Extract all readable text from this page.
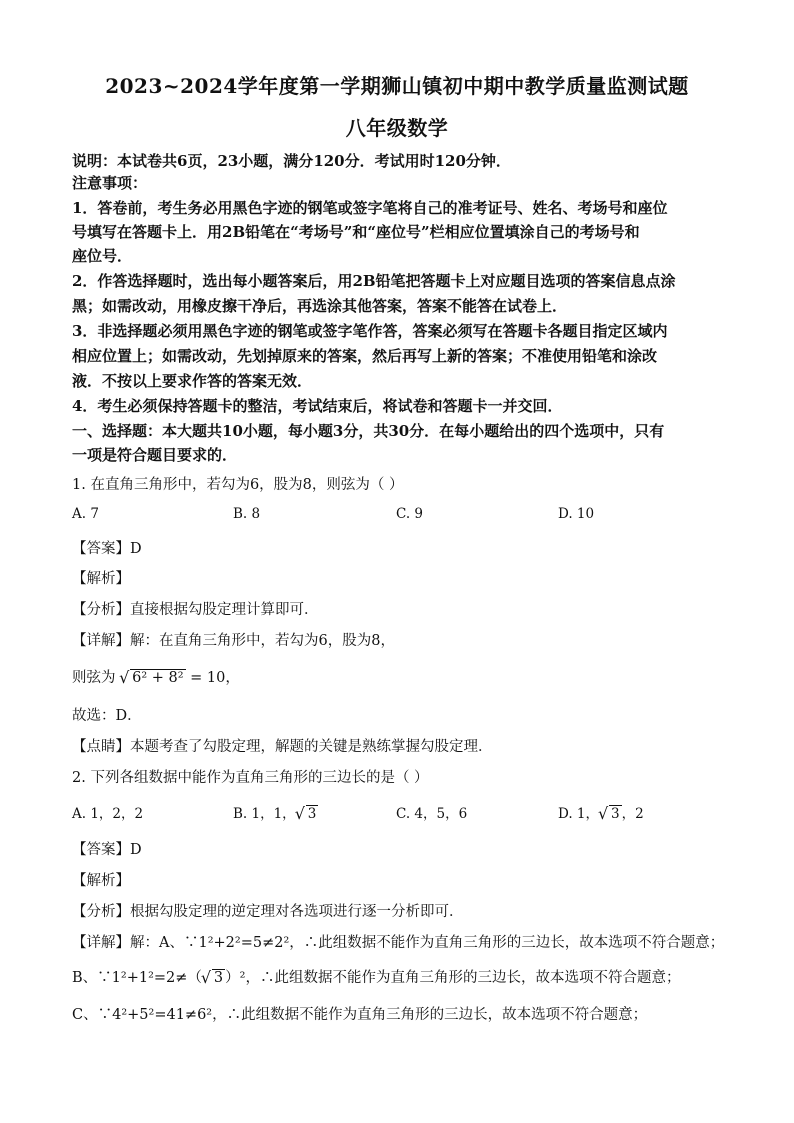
2023~2024学年度第一学期狮山镇初中期中教学质量监测试题
八年级数学
说明：本试卷共6页，23小题，满分120分．考试用时120分钟．
注意事项：
1．答卷前，考生务必用黑色字迹的钢笔或签字笔将自己的准考证号、姓名、考场号和座位
号填写在答题卡上．用2B铅笔在“考场号”和“座位号”栏相应位置填涂自己的考场号和
座位号．
2．作答选择题时，选出每小题答案后，用2B铅笔把答题卡上对应题目选项的答案信息点涂
黑；如需改动，用橡皮擦干净后，再选涂其他答案，答案不能答在试卷上．
3．非选择题必须用黑色字迹的钢笔或签字笔作答，答案必须写在答题卡各题目指定区域内
相应位置上；如需改动，先划掉原来的答案，然后再写上新的答案；不准使用铅笔和涂改
液．不按以上要求作答的答案无效．
4．考生必须保持答题卡的整洁，考试结束后，将试卷和答题卡一并交回．
一、选择题：本大题共10小题，每小题3分，共30分．在每小题给出的四个选项中，只有
一项是符合题目要求的．
1. 在直角三角形中，若勾为6，股为8，则弦为（ ）
A. 7	B. 8	C. 9	D. 10
【答案】D
【解析】
【分析】直接根据勾股定理计算即可．
【详解】解：在直角三角形中，若勾为6，股为8，
则弦为 √ 6² + 8² = 10，
故选：D．
【点睛】本题考查了勾股定理，解题的关键是熟练掌握勾股定理．
2. 下列各组数据中能作为直角三角形的三边长的是（ ）
A. 1，2，2	B. 1，1， √ 3	C. 4，5，6	D. 1， √ 3 ，2
【答案】D
【解析】
【分析】根据勾股定理的逆定理对各选项进行逐一分析即可．
【详解】解：A、∵1²+2²=5≠2²，∴此组数据不能作为直角三角形的三边长，故本选项不符合题意；
B、∵1²+1²=2≠（ √ 3 ）²，∴此组数据不能作为直角三角形的三边长，故本选项不符合题意；
C、∵4²+5²=41≠6²，∴此组数据不能作为直角三角形的三边长，故本选项不符合题意；
